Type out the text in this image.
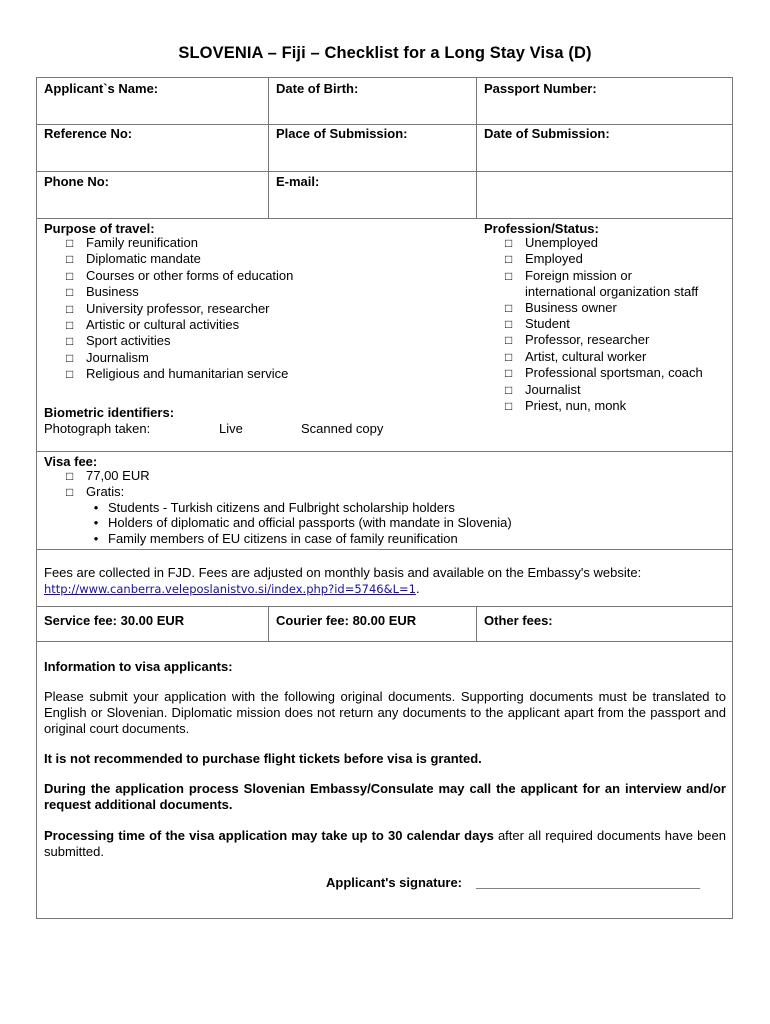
SLOVENIA – Fiji – Checklist for a Long Stay Visa (D)
Applicant`s Name:	Date of Birth:	Passport Number:
Reference No:	Place of Submission:	Date of Submission:
Phone No:	E-mail:
Purpose of travel:
□ Family reunification
□ Diplomatic mandate
□ Courses or other forms of education
□ Business
□ University professor, researcher
□ Artistic or cultural activities
□ Sport activities
□ Journalism
□ Religious and humanitarian service
Profession/Status:
□ Unemployed
□ Employed
□ Foreign mission or
international organization staff
□ Business owner
□ Student
□ Professor, researcher
□ Artist, cultural worker
□ Professional sportsman, coach
□ Journalist
□ Priest, nun, monk
Biometric identifiers:
Photograph taken:	Live	Scanned copy
Visa fee:
□ 77,00 EUR
□ Gratis:
• Students - Turkish citizens and Fulbright scholarship holders
• Holders of diplomatic and official passports (with mandate in Slovenia)
• Family members of EU citizens in case of family reunification
Fees are collected in FJD. Fees are adjusted on monthly basis and available on the Embassy's website:
http://www.canberra.veleposlanistvo.si/index.php?id=5746&L=1.
Service fee: 30.00 EUR	Courier fee: 80.00 EUR	Other fees:
Information to visa applicants:
Please submit your application with the following original documents. Supporting documents must be translated to English or Slovenian. Diplomatic mission does not return any documents to the applicant apart from the passport and original court documents.
It is not recommended to purchase flight tickets before visa is granted.
During the application process Slovenian Embassy/Consulate may call the applicant for an interview and/or request additional documents.
Processing time of the visa application may take up to 30 calendar days after all required documents have been submitted.
Applicant's signature: _______________________________
